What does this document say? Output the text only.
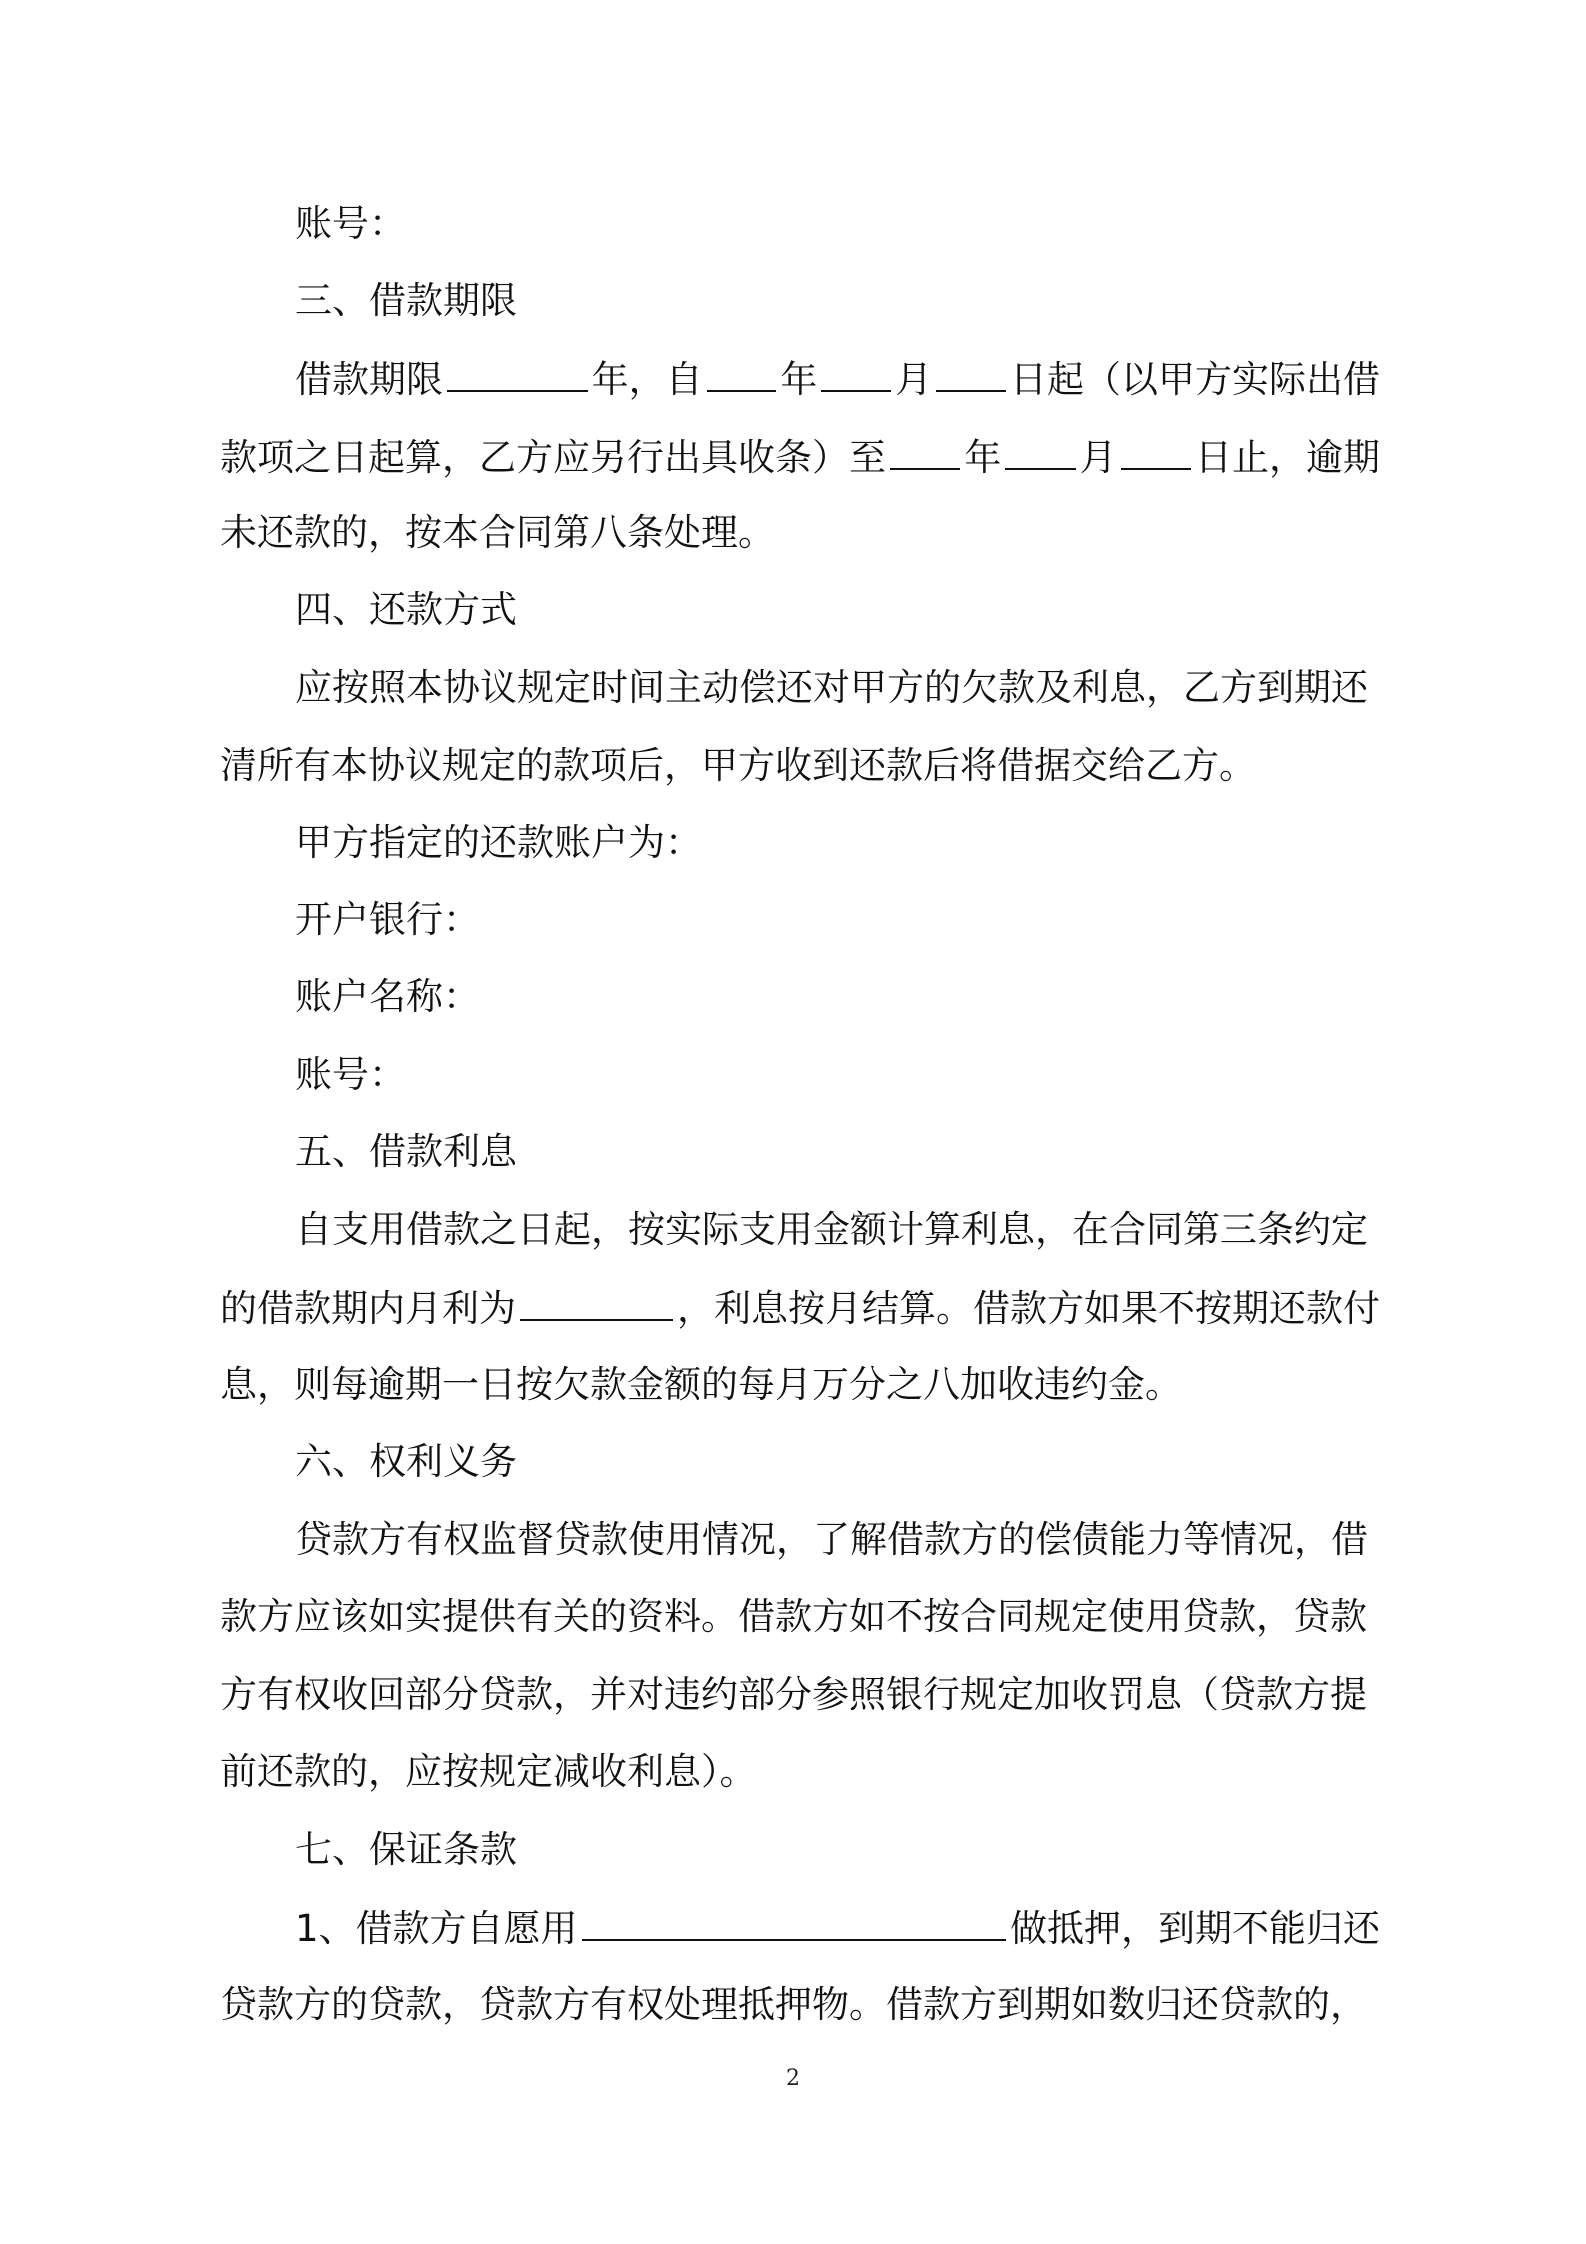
账号：
三、借款期限
借款期限	年，自 年 月 日起（以甲方实际出借
款项之日起算，乙方应另行出具收条）至 年 月 日止，逾期
未还款的，按本合同第八条处理。
四、还款方式
应按照本协议规定时间主动偿还对甲方的欠款及利息，乙方到期还
清所有本协议规定的款项后，甲方收到还款后将借据交给乙方。
甲方指定的还款账户为：
开户银行：
账户名称：
账号：
五、借款利息
自支用借款之日起，按实际支用金额计算利息，在合同第三条约定
的借款期内月利为	，利息按月结算。借款方如果不按期还款付
息，则每逾期一日按欠款金额的每月万分之八加收违约金。
六、权利义务
贷款方有权监督贷款使用情况，了解借款方的偿债能力等情况，借
款方应该如实提供有关的资料。借款方如不按合同规定使用贷款，贷款
方有权收回部分贷款，并对违约部分参照银行规定加收罚息（贷款方提
前还款的，应按规定减收利息）。
七、保证条款
1、借款方自愿用	做抵押，到期不能归还
贷款方的贷款，贷款方有权处理抵押物。借款方到期如数归还贷款的，
2
